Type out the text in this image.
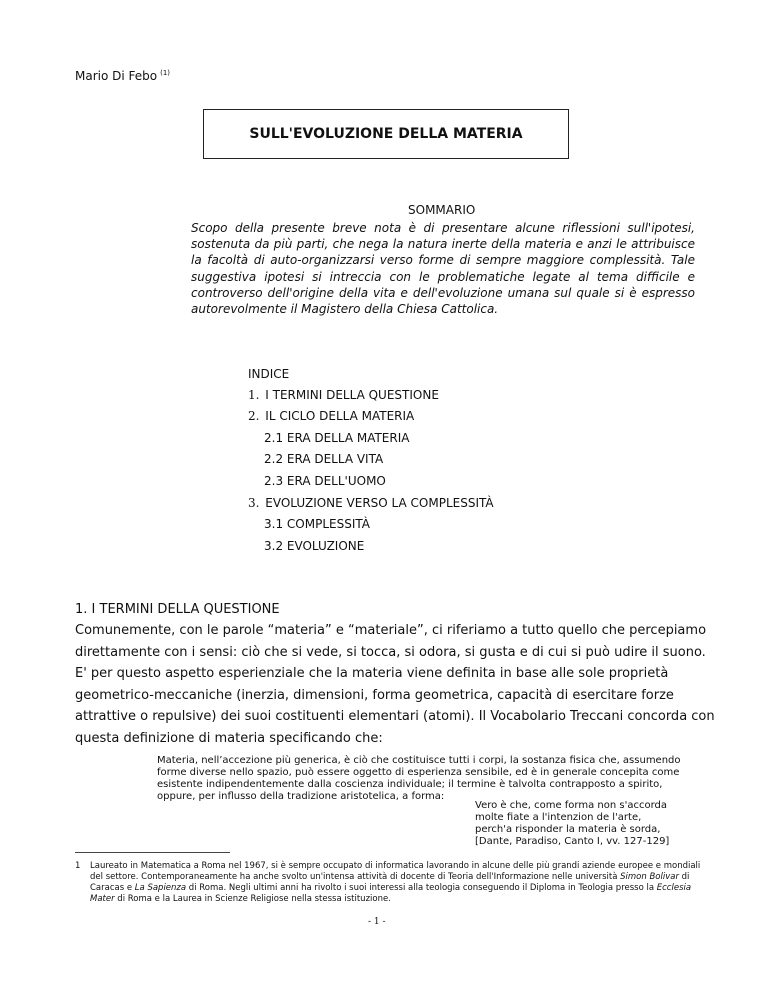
Mario Di Febo $^{(1)}$
SULL'EVOLUZIONE DELLA MATERIA
SOMMARIO
Scopo della presente breve nota è di presentare alcune riflessioni sull'ipotesi, sostenuta da più parti, che nega la natura inerte della materia e anzi le attribuisce la facoltà di auto-organizzarsi verso forme di sempre maggiore complessità. Tale suggestiva ipotesi si intreccia con le problematiche legate al tema difficile e controverso dell'origine della vita e dell'evoluzione umana sul quale si è espresso autorevolmente il Magistero della Chiesa Cattolica.
INDICE
1. I TERMINI DELLA QUESTIONE
2. IL CICLO DELLA MATERIA
2.1 ERA DELLA MATERIA
2.2 ERA DELLA VITA
2.3 ERA DELL'UOMO
3. EVOLUZIONE VERSO LA COMPLESSITÀ
3.1 COMPLESSITÀ
3.2 EVOLUZIONE
1. I TERMINI DELLA QUESTIONE
Comunemente, con le parole “materia” e “materiale”, ci riferiamo a tutto quello che percepiamo direttamente con i sensi: ciò che si vede, si tocca, si odora, si gusta e di cui si può udire il suono. E' per questo aspetto esperienziale che la materia viene definita in base alle sole proprietà geometrico-meccaniche (inerzia, dimensioni, forma geometrica, capacità di esercitare forze attrattive o repulsive) dei suoi costituenti elementari (atomi). Il Vocabolario Treccani concorda con questa definizione di materia specificando che:
Materia, nell’accezione più generica, è ciò che costituisce tutti i corpi, la sostanza fisica che, assumendo forme diverse nello spazio, può essere oggetto di esperienza sensibile, ed è in generale concepita come esistente indipendentemente dalla coscienza individuale; il termine è talvolta contrapposto a spirito, oppure, per influsso della tradizione aristotelica, a forma:
Vero è che, come forma non s'accorda
molte fiate a l'intenzion de l'arte,
perch'a risponder la materia è sorda,
[Dante, Paradiso, Canto I, vv. 127-129]
1	Laureato in Matematica a Roma nel 1967, si è sempre occupato di informatica lavorando in alcune delle più grandi aziende europee e mondiali del settore. Contemporaneamente ha anche svolto un'intensa attività di docente di Teoria dell'Informazione nelle università Simon Bolivar di Caracas e La Sapienza di Roma. Negli ultimi anni ha rivolto i suoi interessi alla teologia conseguendo il Diploma in Teologia presso la Ecclesia Mater di Roma e la Laurea in Scienze Religiose nella stessa istituzione.
- 1 -
